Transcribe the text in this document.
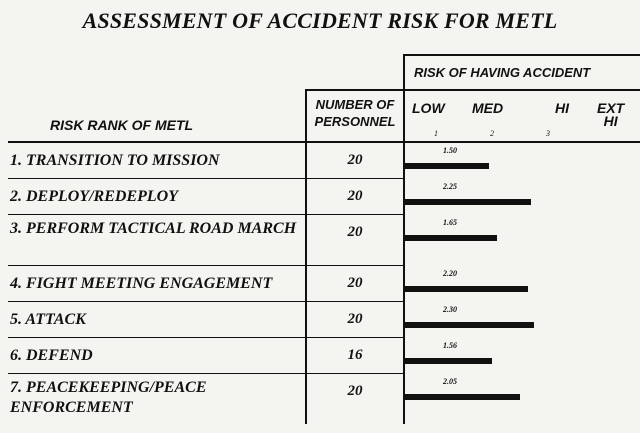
ASSESSMENT OF ACCIDENT RISK FOR METL
RISK RANK OF METL
NUMBER OF PERSONNEL
RISK OF HAVING ACCIDENT
LOW MED	HI EXT
HI
1	2	3
1. TRANSITION TO MISSION	20
1.50
2. DEPLOY/REDEPLOY	20
2.25
3. PERFORM TACTICAL ROAD MARCH	20
1.65
4. FIGHT MEETING ENGAGEMENT	20
2.20
5. ATTACK	20
2.30
6. DEFEND	16
1.56
7. PEACEKEEPING/PEACE ENFORCEMENT
20
2.05
